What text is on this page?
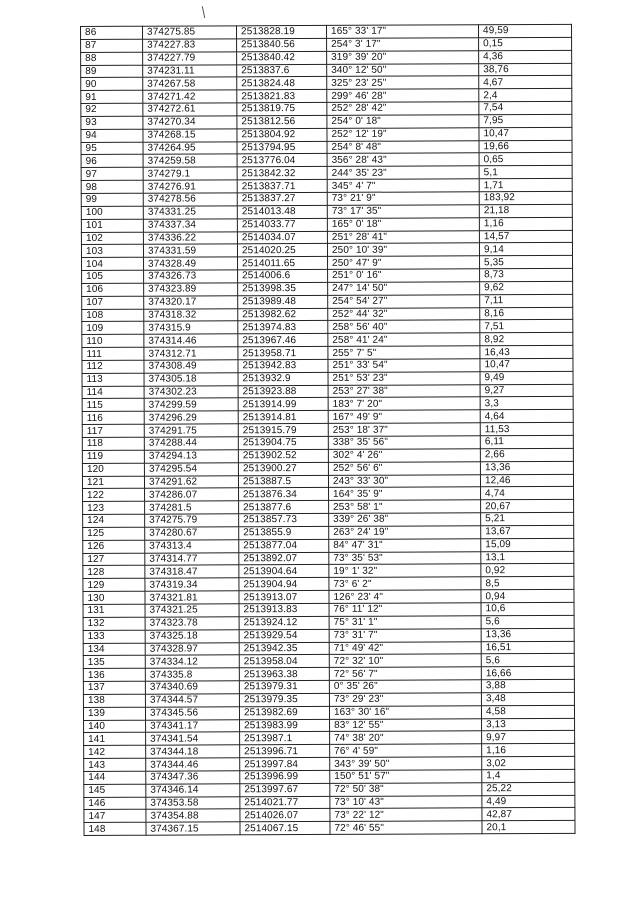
86	374275.85	2513828.19	165° 33' 17"	49,59
87	374227.83	2513840.56	254° 3' 17"	0,15
88	374227.79	2513840.42	319° 39' 20"	4,36
89	374231.11	2513837.6	340° 12' 50"	38,76
90	374267.58	2513824.48	325° 23' 25"	4,67
91	374271.42	2513821.83	299° 46' 28"	2,4
92	374272.61	2513819.75	252° 28' 42"	7,54
93	374270.34	2513812.56	254° 0' 18"	7,95
94	374268.15	2513804.92	252° 12' 19"	10,47
95	374264.95	2513794.95	254° 8' 48"	19,66
96	374259.58	2513776.04	356° 28' 43"	0,65
97	374279.1	2513842.32	244° 35' 23"	5,1
98	374276.91	2513837.71	345° 4' 7"	1,71
99	374278.56	2513837.27	73° 21' 9"	183,92
100	374331.25	2514013.48	73° 17' 35"	21,18
101	374337.34	2514033.77	165° 0' 18"	1,16
102	374336.22	2514034.07	251° 28' 41"	14,57
103	374331.59	2514020.25	250° 10' 39"	9,14
104	374328.49	2514011.65	250° 47' 9"	5,35
105	374326.73	2514006.6	251° 0' 16"	8,73
106	374323.89	2513998.35	247° 14' 50"	9,62
107	374320.17	2513989.48	254° 54' 27"	7,11
108	374318.32	2513982.62	252° 44' 32"	8,16
109	374315.9	2513974.83	258° 56' 40"	7,51
110	374314.46	2513967.46	258° 41' 24"	8,92
111	374312.71	2513958.71	255° 7' 5"	16,43
112	374308.49	2513942.83	251° 33' 54"	10,47
113	374305.18	2513932.9	251° 53' 23"	9,49
114	374302.23	2513923.88	253° 27' 38"	9,27
115	374299.59	2513914.99	183° 7' 20"	3,3
116	374296.29	2513914.81	167° 49' 9"	4,64
117	374291.75	2513915.79	253° 18' 37"	11,53
118	374288.44	2513904.75	338° 35' 56"	6,11
119	374294.13	2513902.52	302° 4' 26"	2,66
120	374295.54	2513900.27	252° 56' 6"	13,36
121	374291.62	2513887.5	243° 33' 30"	12,46
122	374286.07	2513876.34	164° 35' 9"	4,74
123	374281.5	2513877.6	253° 58' 1"	20,67
124	374275.79	2513857.73	339° 26' 38"	5,21
125	374280.67	2513855.9	263° 24' 19"	13,67
126	374313.4	2513877.04	84° 47' 31"	15,09
127	374314.77	2513892.07	73° 35' 53"	13,1
128	374318.47	2513904.64	19° 1' 32"	0,92
129	374319.34	2513904.94	73° 6' 2"	8,5
130	374321.81	2513913.07	126° 23' 4"	0,94
131	374321.25	2513913.83	76° 11' 12"	10,6
132	374323.78	2513924.12	75° 31' 1"	5,6
133	374325.18	2513929.54	73° 31' 7"	13,36
134	374328.97	2513942.35	71° 49' 42"	16,51
135	374334.12	2513958.04	72° 32' 10"	5,6
136	374335.8	2513963.38	72° 56' 7"	16,66
137	374340.69	2513979.31	0° 35' 26"	3,88
138	374344.57	2513979.35	73° 29' 23"	3,48
139	374345.56	2513982.69	163° 30' 16"	4,58
140	374341.17	2513983.99	83° 12' 55"	3,13
141	374341.54	2513987.1	74° 38' 20"	9,97
142	374344.18	2513996.71	76° 4' 59"	1,16
143	374344.46	2513997.84	343° 39' 50"	3,02
144	374347.36	2513996.99	150° 51' 57"	1,4
145	374346.14	2513997.67	72° 50' 38"	25,22
146	374353.58	2514021.77	73° 10' 43"	4,49
147	374354.88	2514026.07	73° 22' 12"	42,87
148	374367.15	2514067.15	72° 46' 55"	20,1
